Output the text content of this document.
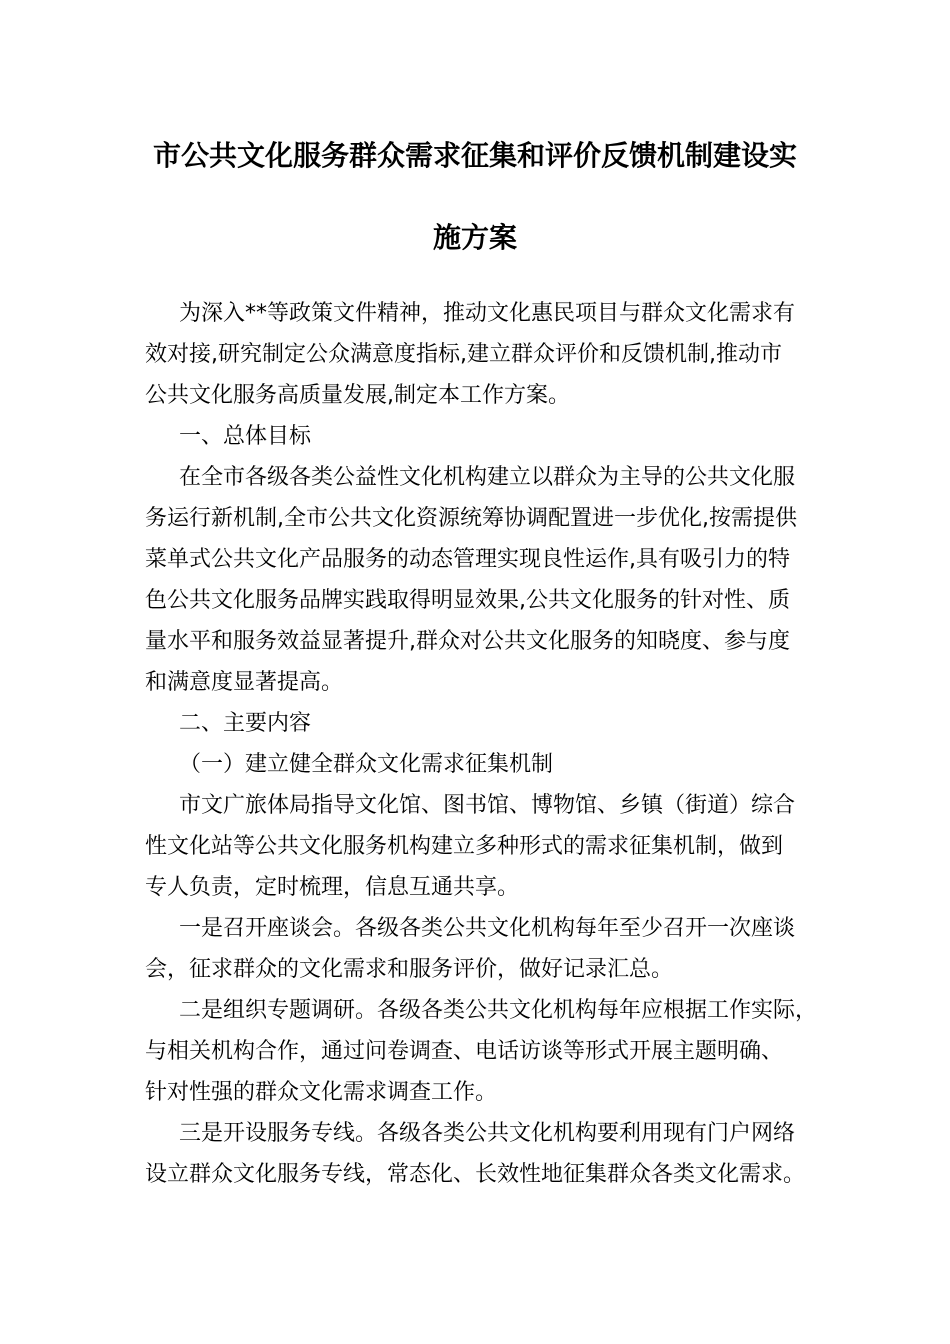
市公共文化服务群众需求征集和评价反馈机制建设实
施方案
为深入**等政策文件精神，推动文化惠民项目与群众文化需求有
效对接,研究制定公众满意度指标,建立群众评价和反馈机制,推动市
公共文化服务高质量发展,制定本工作方案。
一、总体目标
在全市各级各类公益性文化机构建立以群众为主导的公共文化服
务运行新机制,全市公共文化资源统筹协调配置进一步优化,按需提供
菜单式公共文化产品服务的动态管理实现良性运作,具有吸引力的特
色公共文化服务品牌实践取得明显效果,公共文化服务的针对性、质
量水平和服务效益显著提升,群众对公共文化服务的知晓度、参与度
和满意度显著提高。
二、主要内容
（一）建立健全群众文化需求征集机制
市文广旅体局指导文化馆、图书馆、博物馆、乡镇（街道）综合
性文化站等公共文化服务机构建立多种形式的需求征集机制，做到
专人负责，定时梳理，信息互通共享。
一是召开座谈会。各级各类公共文化机构每年至少召开一次座谈
会，征求群众的文化需求和服务评价，做好记录汇总。
二是组织专题调研。各级各类公共文化机构每年应根据工作实际，
与相关机构合作，通过问卷调查、电话访谈等形式开展主题明确、
针对性强的群众文化需求调查工作。
三是开设服务专线。各级各类公共文化机构要利用现有门户网络
设立群众文化服务专线，常态化、长效性地征集群众各类文化需求。
